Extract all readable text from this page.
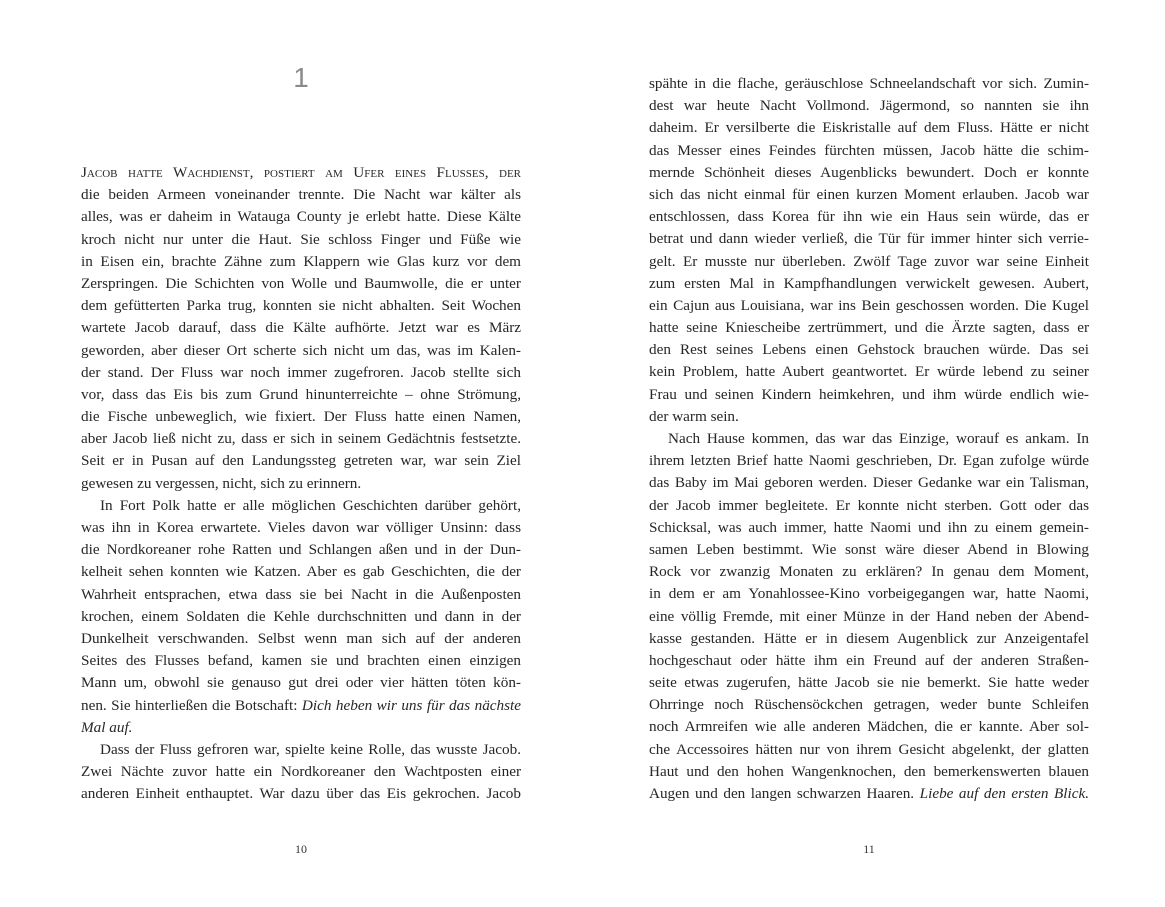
1
Jacob hatte Wachdienst, postiert am Ufer eines Flusses, der
die beiden Armeen voneinander trennte. Die Nacht war kälter als
alles, was er daheim in Watauga County je erlebt hatte. Diese Kälte
kroch nicht nur unter die Haut. Sie schloss Finger und Füße wie
in Eisen ein, brachte Zähne zum Klappern wie Glas kurz vor dem
Zerspringen. Die Schichten von Wolle und Baumwolle, die er unter
dem gefütterten Parka trug, konnten sie nicht abhalten. Seit Wochen
wartete Jacob darauf, dass die Kälte aufhörte. Jetzt war es März
geworden, aber dieser Ort scherte sich nicht um das, was im Kalen-
der stand. Der Fluss war noch immer zugefroren. Jacob stellte sich
vor, dass das Eis bis zum Grund hinunterreichte – ohne Strömung,
die Fische unbeweglich, wie fixiert. Der Fluss hatte einen Namen,
aber Jacob ließ nicht zu, dass er sich in seinem Gedächtnis festsetzte.
Seit er in Pusan auf den Landungssteg getreten war, war sein Ziel
gewesen zu vergessen, nicht, sich zu erinnern.
In Fort Polk hatte er alle möglichen Geschichten darüber gehört,
was ihn in Korea erwartete. Vieles davon war völliger Unsinn: dass
die Nordkoreaner rohe Ratten und Schlangen aßen und in der Dun-
kelheit sehen konnten wie Katzen. Aber es gab Geschichten, die der
Wahrheit entsprachen, etwa dass sie bei Nacht in die Außenposten
krochen, einem Soldaten die Kehle durchschnitten und dann in der
Dunkelheit verschwanden. Selbst wenn man sich auf der anderen
Seites des Flusses befand, kamen sie und brachten einen einzigen
Mann um, obwohl sie genauso gut drei oder vier hätten töten kön-
nen. Sie hinterließen die Botschaft: Dich heben wir uns für das nächste
Mal auf.
Dass der Fluss gefroren war, spielte keine Rolle, das wusste Jacob.
Zwei Nächte zuvor hatte ein Nordkoreaner den Wachtposten einer
anderen Einheit enthauptet. War dazu über das Eis gekrochen. Jacob
10
spähte in die flache, geräuschlose Schneelandschaft vor sich. Zumin-
dest war heute Nacht Vollmond. Jägermond, so nannten sie ihn
daheim. Er versilberte die Eiskristalle auf dem Fluss. Hätte er nicht
das Messer eines Feindes fürchten müssen, Jacob hätte die schim-
mernde Schönheit dieses Augenblicks bewundert. Doch er konnte
sich das nicht einmal für einen kurzen Moment erlauben. Jacob war
entschlossen, dass Korea für ihn wie ein Haus sein würde, das er
betrat und dann wieder verließ, die Tür für immer hinter sich verrie-
gelt. Er musste nur überleben. Zwölf Tage zuvor war seine Einheit
zum ersten Mal in Kampfhandlungen verwickelt gewesen. Aubert,
ein Cajun aus Louisiana, war ins Bein geschossen worden. Die Kugel
hatte seine Kniescheibe zertrümmert, und die Ärzte sagten, dass er
den Rest seines Lebens einen Gehstock brauchen würde. Das sei
kein Problem, hatte Aubert geantwortet. Er würde lebend zu seiner
Frau und seinen Kindern heimkehren, und ihm würde endlich wie-
der warm sein.
Nach Hause kommen, das war das Einzige, worauf es ankam. In
ihrem letzten Brief hatte Naomi geschrieben, Dr. Egan zufolge würde
das Baby im Mai geboren werden. Dieser Gedanke war ein Talisman,
der Jacob immer begleitete. Er konnte nicht sterben. Gott oder das
Schicksal, was auch immer, hatte Naomi und ihn zu einem gemein-
samen Leben bestimmt. Wie sonst wäre dieser Abend in Blowing
Rock vor zwanzig Monaten zu erklären? In genau dem Moment,
in dem er am Yonahlossee-Kino vorbeigegangen war, hatte Naomi,
eine völlig Fremde, mit einer Münze in der Hand neben der Abend-
kasse gestanden. Hätte er in diesem Augenblick zur Anzeigentafel
hochgeschaut oder hätte ihm ein Freund auf der anderen Straßen-
seite etwas zugerufen, hätte Jacob sie nie bemerkt. Sie hatte weder
Ohrringe noch Rüschensöckchen getragen, weder bunte Schleifen
noch Armreifen wie alle anderen Mädchen, die er kannte. Aber sol-
che Accessoires hätten nur von ihrem Gesicht abgelenkt, der glatten
Haut und den hohen Wangenknochen, den bemerkenswerten blauen
Augen und den langen schwarzen Haaren. Liebe auf den ersten Blick.
11
